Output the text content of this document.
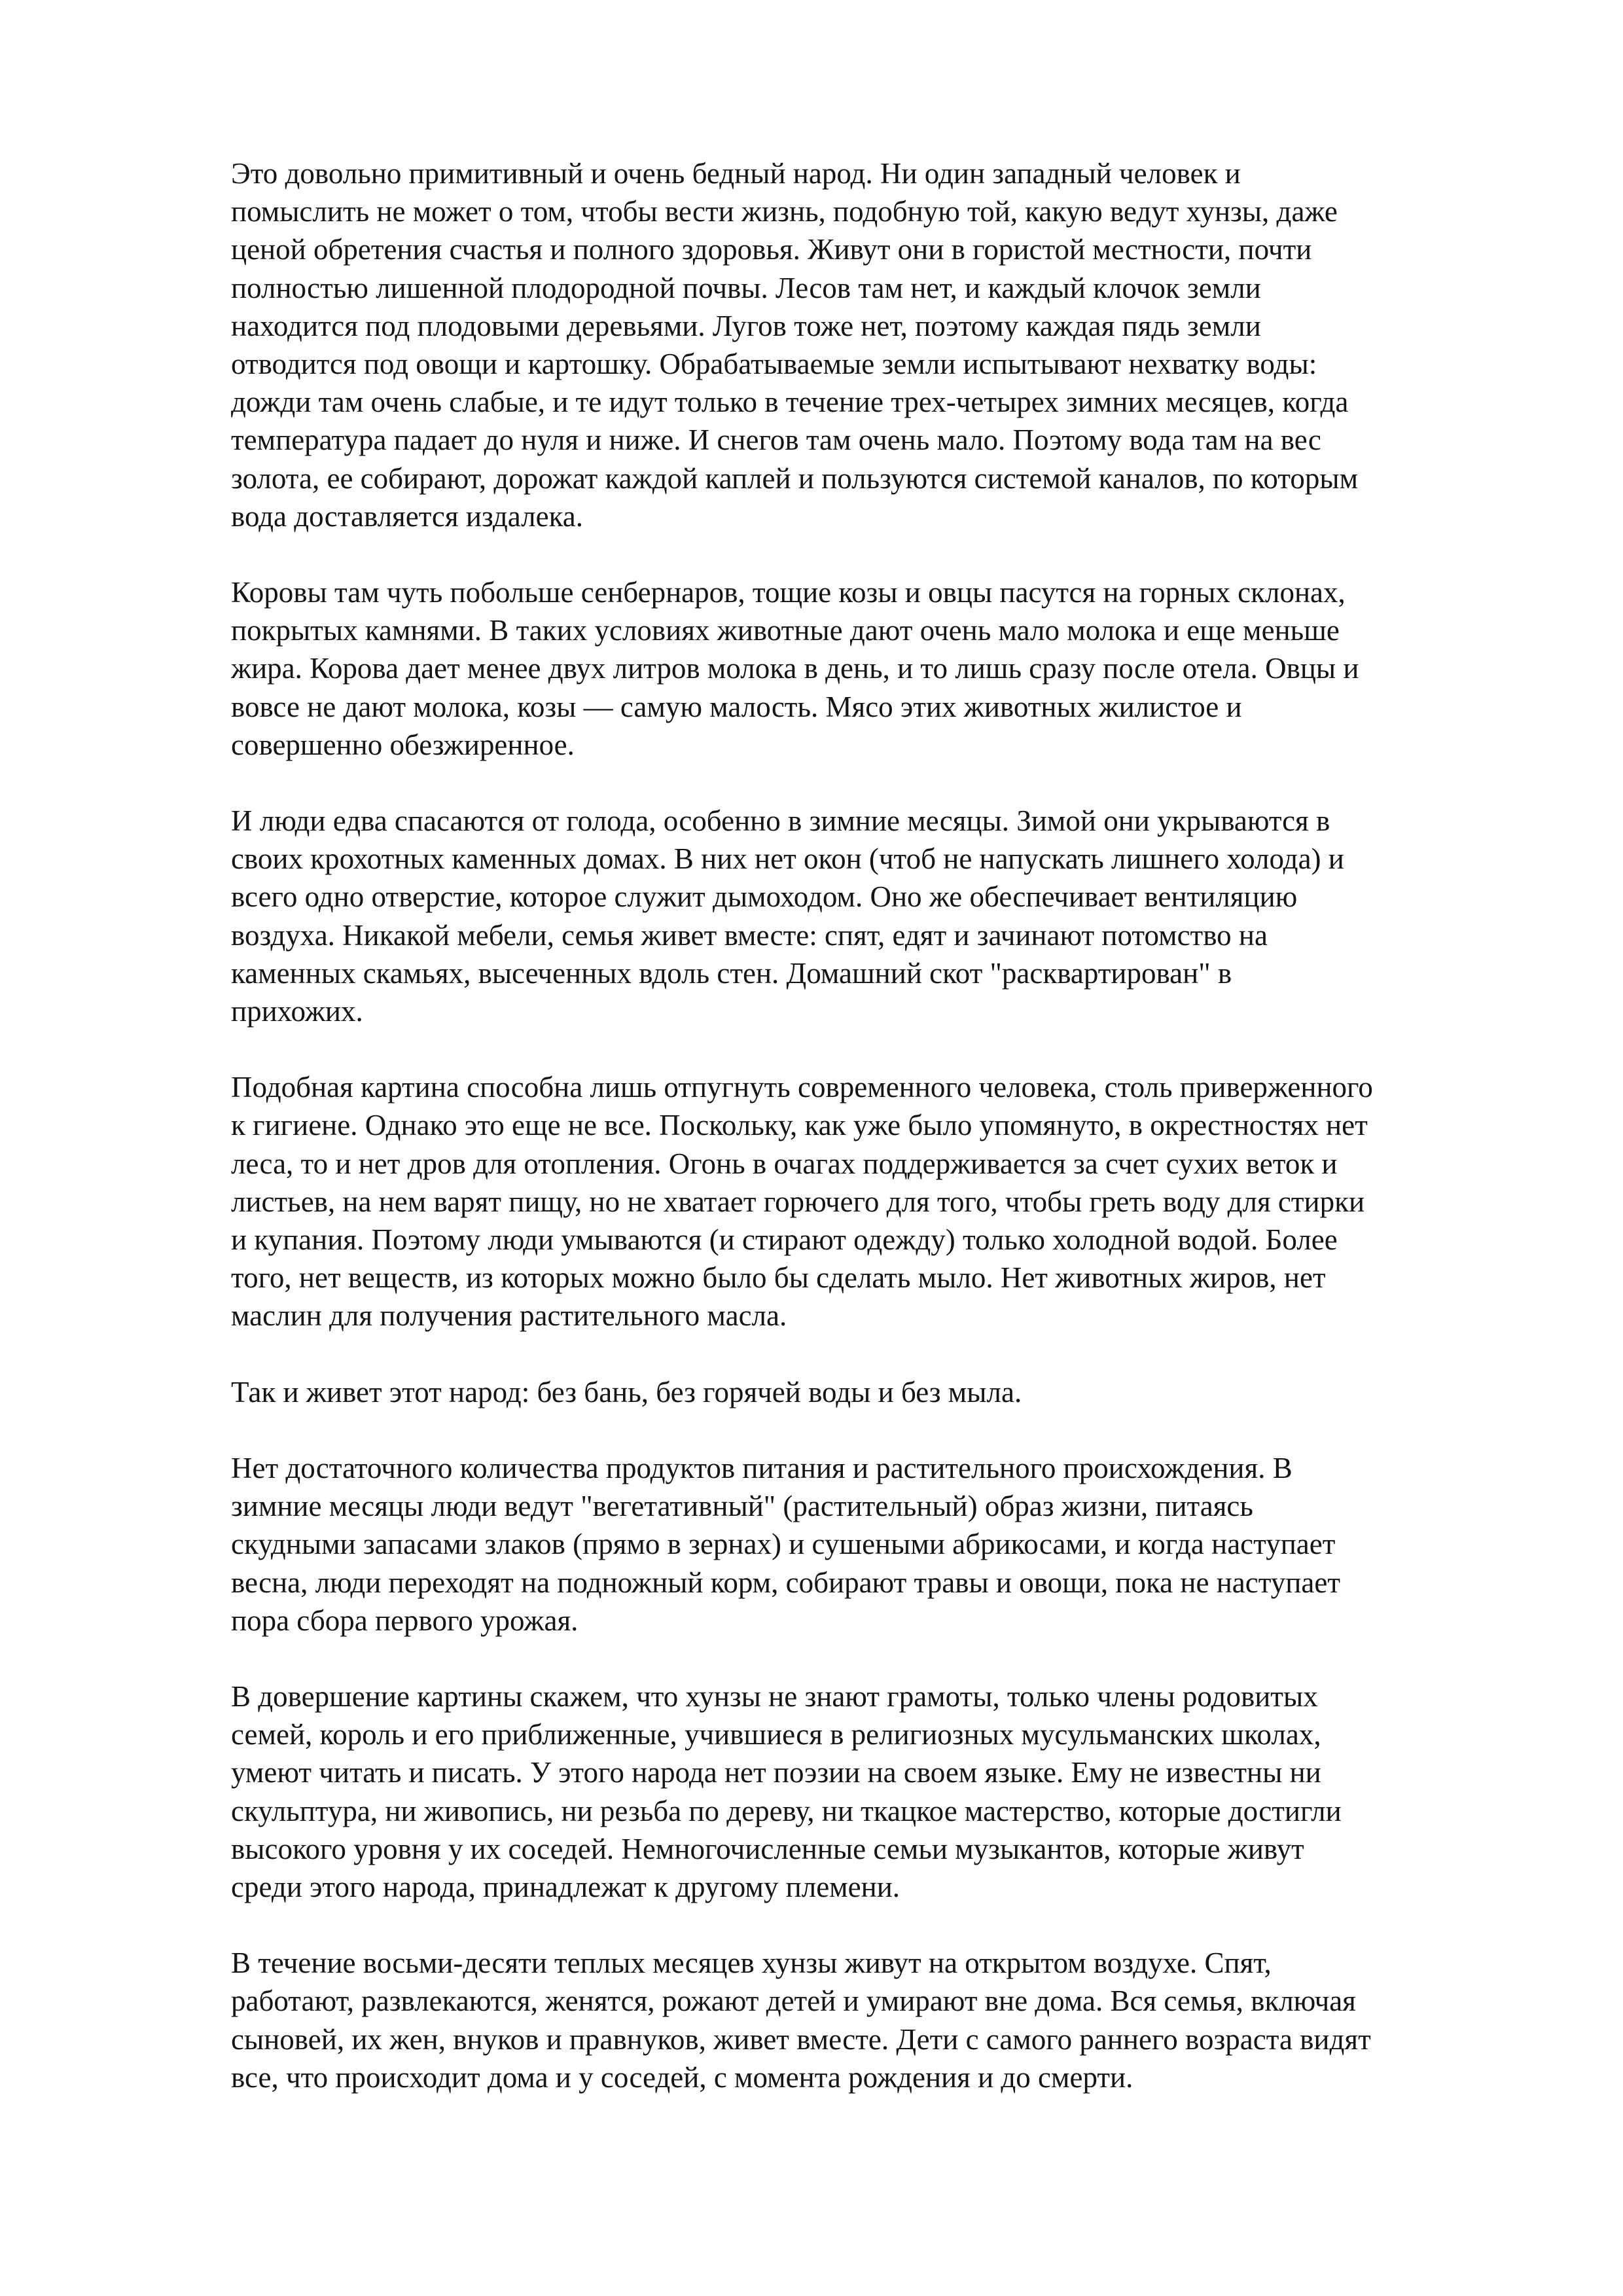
Это довольно примитивный и очень бедный народ. Ни один западный человек и
помыслить не может о том, чтобы вести жизнь, подобную той, какую ведут хунзы, даже
ценой обретения счастья и полного здоровья. Живут они в гористой местности, почти
полностью лишенной плодородной почвы. Лесов там нет, и каждый клочок земли
находится под плодовыми деревьями. Лугов тоже нет, поэтому каждая пядь земли
отводится под овощи и картошку. Обрабатываемые земли испытывают нехватку воды:
дожди там очень слабые, и те идут только в течение трех-четырех зимних месяцев, когда
температура падает до нуля и ниже. И снегов там очень мало. Поэтому вода там на вес
золота, ее собирают, дорожат каждой каплей и пользуются системой каналов, по которым
вода доставляется издалека.
Коровы там чуть побольше сенбернаров, тощие козы и овцы пасутся на горных склонах,
покрытых камнями. В таких условиях животные дают очень мало молока и еще меньше
жира. Корова дает менее двух литров молока в день, и то лишь сразу после отела. Овцы и
вовсе не дают молока, козы — самую малость. Мясо этих животных жилистое и
совершенно обезжиренное.
И люди едва спасаются от голода, особенно в зимние месяцы. Зимой они укрываются в
своих крохотных каменных домах. В них нет окон (чтоб не напускать лишнего холода) и
всего одно отверстие, которое служит дымоходом. Оно же обеспечивает вентиляцию
воздуха. Никакой мебели, семья живет вместе: спят, едят и зачинают потомство на
каменных скамьях, высеченных вдоль стен. Домашний скот "расквартирован" в
прихожих.
Подобная картина способна лишь отпугнуть современного человека, столь приверженного
к гигиене. Однако это еще не все. Поскольку, как уже было упомянуто, в окрестностях нет
леса, то и нет дров для отопления. Огонь в очагах поддерживается за счет сухих веток и
листьев, на нем варят пищу, но не хватает горючего для того, чтобы греть воду для стирки
и купания. Поэтому люди умываются (и стирают одежду) только холодной водой. Более
того, нет веществ, из которых можно было бы сделать мыло. Нет животных жиров, нет
маслин для получения растительного масла.
Так и живет этот народ: без бань, без горячей воды и без мыла.
Нет достаточного количества продуктов питания и растительного происхождения. В
зимние месяцы люди ведут "вегетативный" (растительный) образ жизни, питаясь
скудными запасами злаков (прямо в зернах) и сушеными абрикосами, и когда наступает
весна, люди переходят на подножный корм, собирают травы и овощи, пока не наступает
пора сбора первого урожая.
В довершение картины скажем, что хунзы не знают грамоты, только члены родовитых
семей, король и его приближенные, учившиеся в религиозных мусульманских школах,
умеют читать и писать. У этого народа нет поэзии на своем языке. Ему не известны ни
скульптура, ни живопись, ни резьба по дереву, ни ткацкое мастерство, которые достигли
высокого уровня у их соседей. Немногочисленные семьи музыкантов, которые живут
среди этого народа, принадлежат к другому племени.
В течение восьми-десяти теплых месяцев хунзы живут на открытом воздухе. Спят,
работают, развлекаются, женятся, рожают детей и умирают вне дома. Вся семья, включая
сыновей, их жен, внуков и правнуков, живет вместе. Дети с самого раннего возраста видят
все, что происходит дома и у соседей, с момента рождения и до смерти.
